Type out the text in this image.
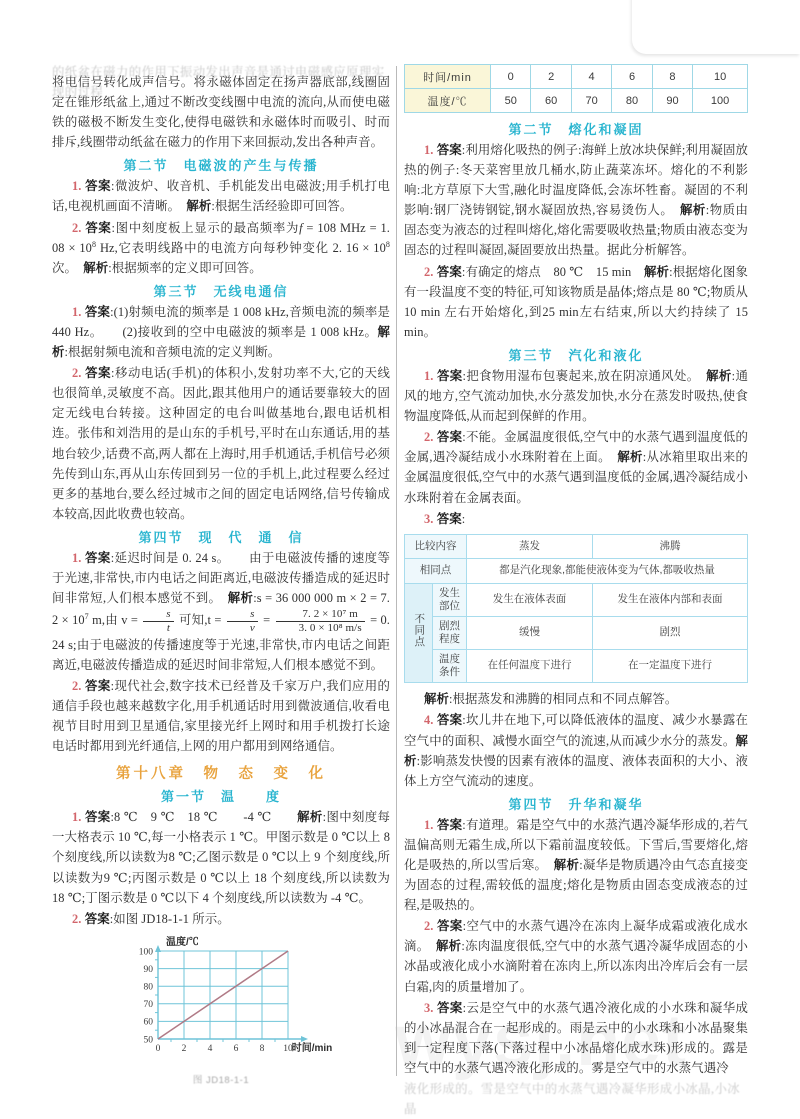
的纸盆在磁力的作用下振动发出声音是通过电磁感应原理实现的过程

将电信号转化成声信号。将永磁体固定在扬声器底部,线圈固定在锥形纸盆上,通过不断改变线圈中电流的流向,从而使电磁铁的磁极不断发生变化,使得电磁铁和永磁体时而吸引、时而排斥,线圈带动纸盆在磁力的作用下来回振动,发出各种声音。

第二节　电磁波的产生与传播

1. 答案:微波炉、收音机、手机能发出电磁波;用手机打电话,电视机画面不清晰。　解析:根据生活经验即可回答。

2. 答案:图中刻度板上显示的最高频率为f = 108 MHz = 1. $08 \times 10^8$ Hz,它表明线路中的电流方向每秒钟变化 2. $16 \times 10^8$ 次。　解析:根据频率的定义即可回答。

第三节　无线电通信

1. 答案:(1)射频电流的频率是 1 008 kHz,音频电流的频率是 440 Hz。　　(2)接收到的空中电磁波的频率是 1 008 kHz。解析:根据射频电流和音频电流的定义判断。

2. 答案:移动电话(手机)的体积小,发射功率不大,它的天线也很简单,灵敏度不高。因此,跟其他用户的通话要靠较大的固定无线电台转接。这种固定的电台叫做基地台,跟电话机相连。张伟和刘浩用的是山东的手机号,平时在山东通话,用的基地台较少,话费不高,两人都在上海时,用手机通话,手机信号必须先传到山东,再从山东传回到另一位的手机上,此过程要么经过更多的基地台,要么经过城市之间的固定电话网络,信号传输成本较高,因此收费也较高。

第四节　现　代　通　信

1. 答案:延迟时间是 0. 24 s。　　由于电磁波传播的速度等于光速,非常快,市内电话之间距离近,电磁波传播造成的延迟时间非常短,人们根本感觉不到。　解析:s = 36 000 000 m × 2 = 7. $2 \times 10^7$ m,由 $v = \frac{s}{t}$ 可知$,t = \frac{s}{v} = \frac{\text{7. 2 × 10⁷ m}}{\text{3. 0 × 10⁸ m/s}} = 0$. 24 s;由于电磁波的传播速度等于光速,非常快,市内电话之间距离近,电磁波传播造成的延迟时间非常短,人们根本感觉不到。

2. 答案:现代社会,数字技术已经普及千家万户,我们应用的通信手段也越来越数字化,用手机通话时用到微波通信,收看电视节目时用到卫星通信,家里接光纤上网时和用手机拨打长途电话时都用到光纤通信,上网的用户都用到网络通信。

第十八章　物　态　变　化
第一节　温　　度

1. 答案:8 ℃　9 ℃　18 ℃　　-4 ℃　　解析:图中刻度每一大格表示 10 ℃,每一小格表示 1 ℃。甲图示数是 0 ℃以上 8 个刻度线,所以读数为8 ℃;乙图示数是 0 ℃以上 9 个刻度线,所以读数为9 ℃;丙图示数是 0 ℃以上 18 个刻度线,所以读数为 18 ℃;丁图示数是 0 ℃以下 4 个刻度线,所以读数为 -4 ℃。

2. 答案:如图 JD18-1-1 所示。

50
60
70
80
90
100
0 2 4 6 8 10
温度/℃
时间/min
图 JD18-1-1
时间/min	0	2	4	6	8	10
温度/℃	50	60	70	80	90	100
第二节　熔化和凝固

1. 答案:利用熔化吸热的例子:海鲜上放冰块保鲜;利用凝固放热的例子:冬天菜窖里放几桶水,防止蔬菜冻坏。熔化的不利影响:北方草原下大雪,融化时温度降低,会冻坏牲畜。凝固的不利影响:钢厂浇铸钢锭,钢水凝固放热,容易烫伤人。　解析:物质由固态变为液态的过程叫熔化,熔化需要吸收热量;物质由液态变为固态的过程叫凝固,凝固要放出热量。据此分析解答。

2. 答案:有确定的熔点　80 ℃　15 min　解析:根据熔化图象有一段温度不变的特征,可知该物质是晶体;熔点是 80 ℃;物质从10 min 左右开始熔化,到25 min左右结束,所以大约持续了 15 min。

第三节　汽化和液化

1. 答案:把食物用湿布包裹起来,放在阴凉通风处。　解析:通风的地方,空气流动加快,水分蒸发加快,水分在蒸发时吸热,使食物温度降低,从而起到保鲜的作用。

2. 答案:不能。金属温度很低,空气中的水蒸气遇到温度低的金属,遇冷凝结成小水珠附着在上面。　解析:从冰箱里取出来的金属温度很低,空气中的水蒸气遇到温度低的金属,遇冷凝结成小水珠附着在金属表面。

3. 答案:

比较内容		蒸发	沸腾
相同点		都是汽化现象,都能使液体变为气体,都吸收热量	
不同点	发生部位	发生在液体表面	发生在液体内部和表面
	剧烈程度	缓慢	剧烈
	温度条件	在任何温度下进行	在一定温度下进行

解析:根据蒸发和沸腾的相同点和不同点解答。

4. 答案:坎儿井在地下,可以降低液体的温度、减少水暴露在空气中的面积、减慢水面空气的流速,从而减少水分的蒸发。解析:影响蒸发快慢的因素有液体的温度、液体表面积的大小、液体上方空气流动的速度。

第四节　升华和凝华

1. 答案:有道理。霜是空气中的水蒸汽遇冷凝华形成的,若气温偏高则无霜生成,所以下霜前温度较低。下雪后,雪要熔化,熔化是吸热的,所以雪后寒。　解析:凝华是物质遇冷由气态直接变为固态的过程,需较低的温度;熔化是物质由固态变成液态的过程,是吸热的。

2. 答案:空气中的水蒸气遇冷在冻肉上凝华成霜或液化成水滴。　解析:冻肉温度很低,空气中的水蒸气遇冷凝华成固态的小冰晶或液化成小水滴附着在冻肉上,所以冻肉出冷库后会有一层白霜,肉的质量增加了。

3. 答案:云是空气中的水蒸气遇冷液化成的小水珠和凝华成的小冰晶混合在一起形成的。雨是云中的小水珠和小冰晶聚集到一定程度下落(下落过程中小冰晶熔化成水珠)形成的。露是空气中的水蒸气遇冷液化形成的。雾是空气中的水蒸气遇冷

液化形成的。雪是空气中的水蒸气遇冷凝华形成小冰晶,小冰晶
